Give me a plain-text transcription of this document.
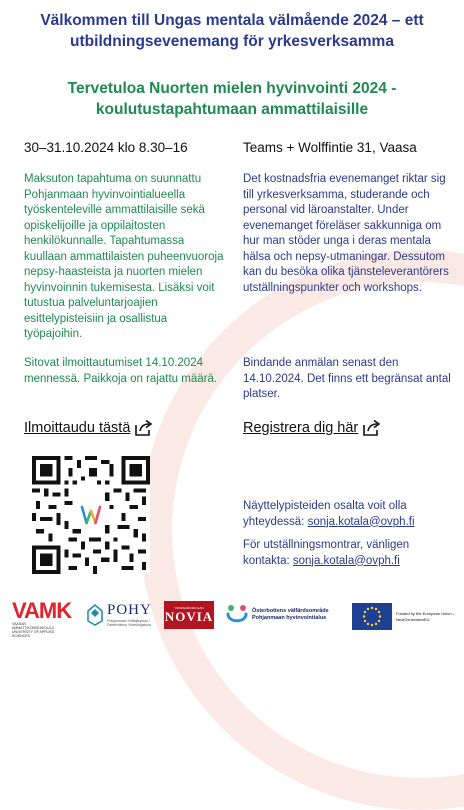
Välkommen till Ungas mentala välmående 2024 – ett utbildningsevenemang för yrkesverksamma
Tervetuloa Nuorten mielen hyvinvointi 2024 -koulutustapahtumaan ammattilaisille

30–31.10.2024 klo 8.30–16

Maksuton tapahtuma on suunnattu Pohjanmaan hyvinvointialueella työskenteleville ammattilaisille sekä opiskelijoille ja oppilaitosten henkilökunnalle. Tapahtumassa kuullaan ammattilaisten puheenvuoroja nepsy-haasteista ja nuorten mielen hyvinvoinnin tukemisesta. Lisäksi voit tutustua palveluntarjoajien esittelypisteisiin ja osallistua työpajoihin.

Sitovat ilmoittautumiset 14.10.2024 mennessä. Paikkoja on rajattu määrä.

Ilmoittaudu tästä

Teams + Wolffintie 31, Vaasa

Det kostnadsfria evenemanget riktar sig till yrkesverksamma, studerande och personal vid läroanstalter. Under evenemanget föreläser sakkunniga om hur man stöder unga i deras mentala hälsa och nepsy-utmaningar. Dessutom kan du besöka olika tjänsteleverantörers utställningspunkter och workshops.

Bindande anmälan senast den 14.10.2024. Det finns ett begränsat antal platser.

Registrera dig här

Näyttelypisteiden osalta voit olla yhteydessä: sonja.kotala@ovph.fi

För utställningsmontrar, vänligen kontakta: sonja.kotala@ovph.fi

VAMK
VAASAN AMMATTIKORKEAKOULU UNIVERSITY OF APPLIED SCIENCES
POHY
Pohjanmaan Yrittäjäopisto / Österbottens Yrkeshögskola
YRKESHÖGSKOLAN
NOVIA	Österbottens välfärdsområde
Pohjanmaan hyvinvointialue
Funded by the European Union – NextGenerationEU
